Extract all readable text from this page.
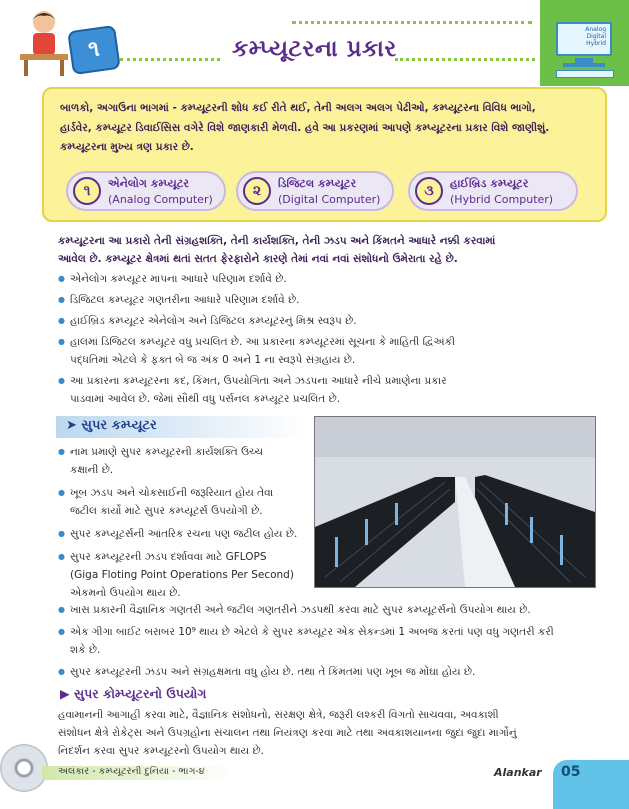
૧	કમ્પ્યૂટરના પ્રકાર
Analog
Digital
Hybrid
બાળકો, અગાઉના ભાગમાં - કમ્પ્યૂટરની શોધ કઈ રીતે થઈ, તેની અલગ અલગ પેઢીઓ, કમ્પ્યૂટરના વિવિધ ભાગો,
હાર્ડવેર, કમ્પ્યૂટર ડિવાઈસિસ વગેરે વિશે જાણકારી મેળવી. હવે આ પ્રકરણમાં આપણે કમ્પ્યૂટરના પ્રકાર વિશે જાણીશું.
કમ્પ્યૂટરના મુખ્ય ત્રણ પ્રકાર છે.
૧	એનેલોગ કમ્પ્યૂટર
(Analog Computer)
૨	ડિજિટલ કમ્પ્યૂટર
(Digital Computer)
૩	હાઈબ્રિડ કમ્પ્યૂટર
(Hybrid Computer)
કમ્પ્યૂટરના આ પ્રકારો તેની સંગ્રહશક્તિ, તેની કાર્યશક્તિ, તેની ઝડપ અને કિંમતને આધારે નક્કી કરવામાં
આવેલ છે. કમ્પ્યૂટર ક્ષેત્રમાં થતાં સતત ફેરફારોને કારણે તેમાં નવાં નવાં સંશોધનો ઉમેરાતા રહે છે.
● એનેલોગ કમ્પ્યૂટર માપના આધારે પરિણામ દર્શાવે છે.
● ડિજિટલ કમ્પ્યૂટર ગણતરીના આધારે પરિણામ દર્શાવે છે.
● હાઈબ્રિડ કમ્પ્યૂટર એનેલોગ અને ડિજિટલ કમ્પ્યૂટરનું મિશ્ર સ્વરૂપ છે.
● હાલમાં ડિજિટલ કમ્પ્યૂટર વધુ પ્રચલિત છે. આ પ્રકારના કમ્પ્યૂટરમાં સૂચના કે માહિતી દ્વિઅંકી
પદ્ધતિમાં એટલે કે ફક્ત બે જ અંક 0 અને 1 ના સ્વરૂપે સંગ્રહાય છે.
● આ પ્રકારના કમ્પ્યૂટરના કદ, કિંમત, ઉપયોગિતા અને ઝડપના આધારે નીચે પ્રમાણેના પ્રકાર
પાડવામાં આવેલ છે. જેમાં સૌથી વધુ પર્સનલ કમ્પ્યૂટર પ્રચલિત છે.
➤ સુપર કમ્પ્યૂટર
● નામ પ્રમાણે સુપર કમ્પ્યૂટરની કાર્યશક્તિ ઉચ્ચ
કક્ષાની છે.
● ખૂબ ઝડપ અને ચોકસાઈની જરૂરિયાત હોય તેવા
જટીલ કાર્યો માટે સુપર કમ્પ્યૂટર્સ ઉપયોગી છે.
● સુપર કમ્પ્યૂટર્સની આંતરિક રચના પણ જટીલ હોય છે.
● સુપર કમ્પ્યૂટરની ઝડપ દર્શાવવા માટે GFLOPS
(Giga Floting Point Operations Per Second)
એકમનો ઉપયોગ થાય છે.
● ખાસ પ્રકારની વૈજ્ઞાનિક ગણતરી અને જટીલ ગણતરીને ઝડપથી કરવા માટે સુપર કમ્પ્યૂટર્સનો ઉપયોગ થાય છે.
● એક ગીગા બાઈટ બરાબર 10⁹ થાય છે એટલે કે સુપર કમ્પ્યૂટર એક સેકન્ડમાં 1 અબજ કરતાં પણ વધુ ગણતરી કરી
શકે છે.
● સુપર કમ્પ્યૂટરની ઝડપ અને સંગ્રહક્ષમતા વધુ હોય છે. તથા તે કિંમતમાં પણ ખૂબ જ મોંઘા હોય છે.
▶ સુપર કોમ્પ્યૂટરનો ઉપયોગ
હવામાનની આગાહી કરવા માટે, વૈજ્ઞાનિક સંશોધનો, સંરક્ષણ ક્ષેત્રે, જરૂરી લશ્કરી વિગતો સાચવવા, અવકાશી
સંશોધન ક્ષેત્રે રોકેટ્સ અને ઉપગ્રહોના સંચાલન તથા નિયંત્રણ કરવા માટે તથા અવકાશયાનના જુદા જુદા માર્ગોનું
નિદર્શન કરવા સુપર કમ્પ્યૂટરનો ઉપયોગ થાય છે.
અલંકાર - કમ્પ્યૂટરની દુનિયા - ભાગ-૪	Alankar 05
